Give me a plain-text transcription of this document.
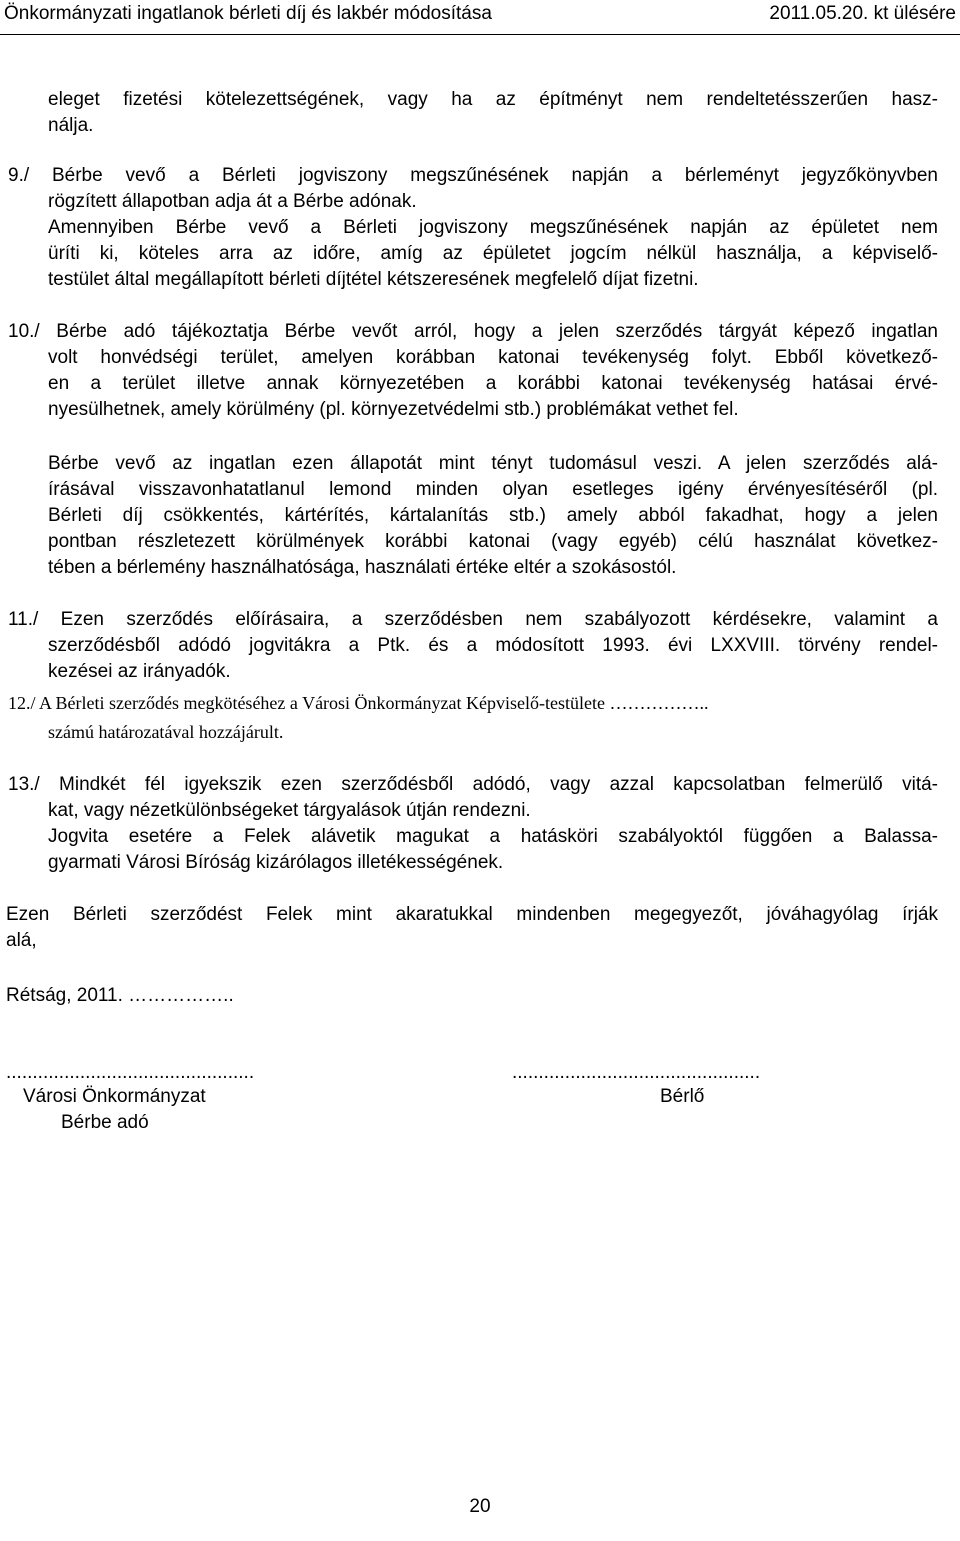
Önkormányzati ingatlanok bérleti díj és lakbér módosítása	2011.05.20. kt ülésére
eleget fizetési kötelezettségének, vagy ha az építményt nem rendeltetésszerűen hasz-
nálja.
9./ Bérbe vevő a Bérleti jogviszony megszűnésének napján a bérleményt jegyzőkönyvben
rögzített állapotban adja át a Bérbe adónak.
Amennyiben Bérbe vevő a Bérleti jogviszony megszűnésének napján az épületet nem
üríti ki, köteles arra az időre, amíg az épületet jogcím nélkül használja, a képviselő-
testület által megállapított bérleti díjtétel kétszeresének megfelelő díjat fizetni.
10./ Bérbe adó tájékoztatja Bérbe vevőt arról, hogy a jelen szerződés tárgyát képező ingatlan
volt honvédségi terület, amelyen korábban katonai tevékenység folyt. Ebből következő-
en a terület illetve annak környezetében a korábbi katonai tevékenység hatásai érvé-
nyesülhetnek, amely körülmény (pl. környezetvédelmi stb.) problémákat vethet fel.
Bérbe vevő az ingatlan ezen állapotát mint tényt tudomásul veszi. A jelen szerződés alá-
írásával visszavonhatatlanul lemond minden olyan esetleges igény érvényesítéséről (pl.
Bérleti díj csökkentés, kártérítés, kártalanítás stb.) amely abból fakadhat, hogy a jelen
pontban részletezett körülmények korábbi katonai (vagy egyéb) célú használat következ-
tében a bérlemény használhatósága, használati értéke eltér a szokásostól.
11./ Ezen szerződés előírásaira, a szerződésben nem szabályozott kérdésekre, valamint a
szerződésből adódó jogvitákra a Ptk. és a módosított 1993. évi LXXVIII. törvény rendel-
kezései az irányadók.
12./ A Bérleti szerződés megkötéséhez a Városi Önkormányzat Képviselő-testülete ……………..
számú határozatával hozzájárult.
13./ Mindkét fél igyekszik ezen szerződésből adódó, vagy azzal kapcsolatban felmerülő vitá-
kat, vagy nézetkülönbségeket tárgyalások útján rendezni.
Jogvita esetére a Felek alávetik magukat a hatásköri szabályoktól függően a Balassa-
gyarmati Városi Bíróság kizárólagos illetékességének.
Ezen Bérleti szerződést Felek mint akaratukkal mindenben megegyezőt, jóváhagyólag írják
alá,
Rétság, 2011. ……………..
...............................................	...............................................
Városi Önkormányzat
Bérbe adó
Bérlő
20
